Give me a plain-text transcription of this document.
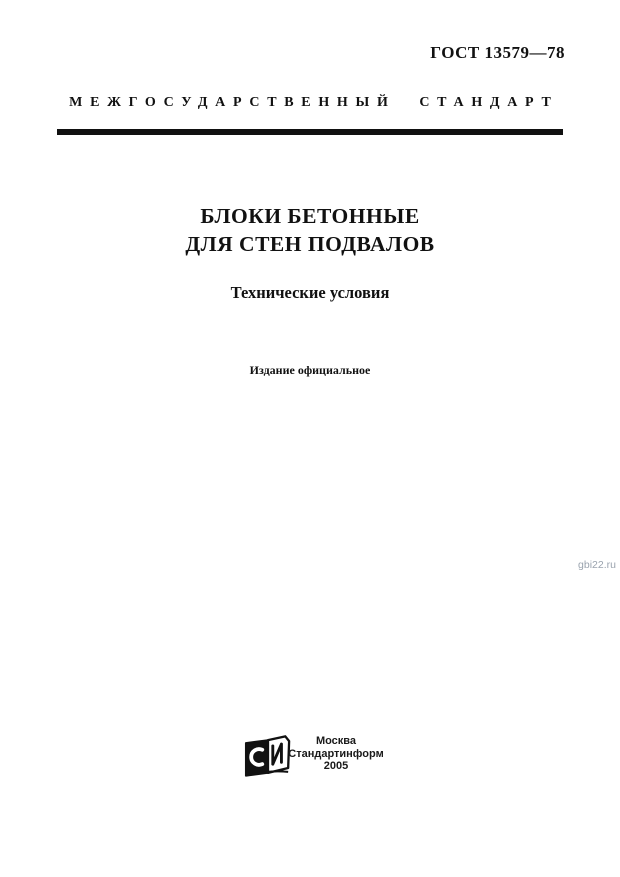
ГОСТ 13579—78
МЕЖГОСУДАРСТВЕННЫЙ СТАНДАРТ
БЛОКИ БЕТОННЫЕ
ДЛЯ СТЕН ПОДВАЛОВ
Технические условия
Издание официальное
gbi22.ru
Москва
Стандартинформ
2005
